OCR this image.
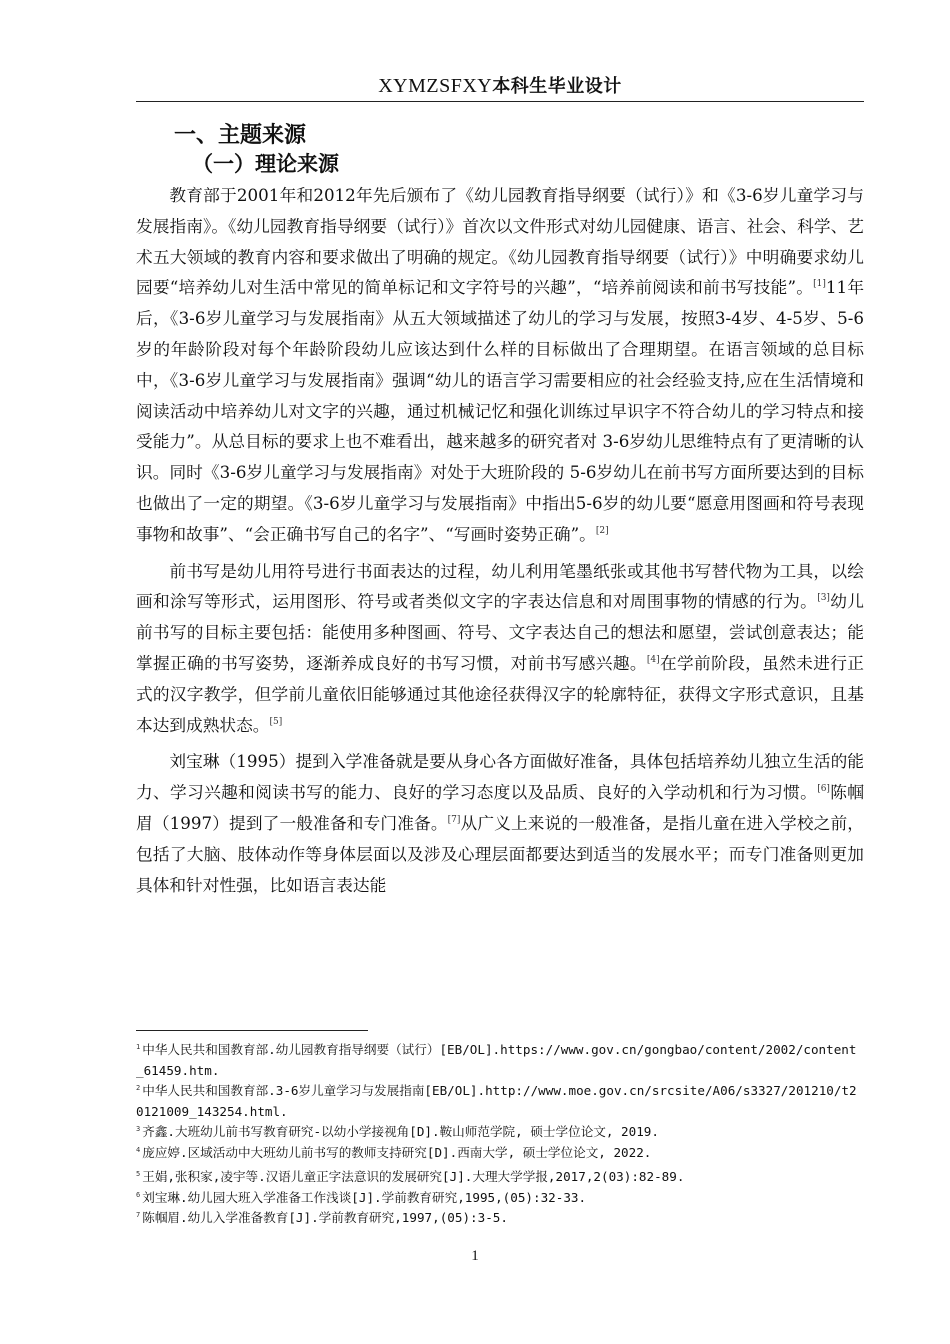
XYMZSFXY本科生毕业设计
一、主题来源
（一）理论来源

教育部于2001年和2012年先后颁布了《幼儿园教育指导纲要（试行）》和《3-6岁儿童学习与发展指南》。《幼儿园教育指导纲要（试行）》首次以文件形式对幼儿园健康、语言、社会、科学、艺术五大领域的教育内容和要求做出了明确的规定。《幼儿园教育指导纲要（试行）》中明确要求幼儿园要“培养幼儿对生活中常见的简单标记和文字符号的兴趣”，“培养前阅读和前书写技能”。[1]11年后，《3-6岁儿童学习与发展指南》从五大领域描述了幼儿的学习与发展，按照3-4岁、4-5岁、5-6岁的年龄阶段对每个年龄阶段幼儿应该达到什么样的目标做出了合理期望。在语言领域的总目标中，《3-6岁儿童学习与发展指南》强调“幼儿的语言学习需要相应的社会经验支持,应在生活情境和阅读活动中培养幼儿对文字的兴趣，通过机械记忆和强化训练过早识字不符合幼儿的学习特点和接受能力”。从总目标的要求上也不难看出，越来越多的研究者对 3-6岁幼儿思维特点有了更清晰的认识。同时《3-6岁儿童学习与发展指南》对处于大班阶段的 5-6岁幼儿在前书写方面所要达到的目标也做出了一定的期望。《3-6岁儿童学习与发展指南》中指出5-6岁的幼儿要“愿意用图画和符号表现事物和故事”、“会正确书写自己的名字”、“写画时姿势正确”。[2]

前书写是幼儿用符号进行书面表达的过程，幼儿利用笔墨纸张或其他书写替代物为工具，以绘画和涂写等形式，运用图形、符号或者类似文字的字表达信息和对周围事物的情感的行为。[3]幼儿前书写的目标主要包括：能使用多种图画、符号、文字表达自己的想法和愿望，尝试创意表达；能掌握正确的书写姿势，逐渐养成良好的书写习惯，对前书写感兴趣。[4]在学前阶段，虽然未进行正式的汉字教学，但学前儿童依旧能够通过其他途径获得汉字的轮廓特征，获得文字形式意识，且基本达到成熟状态。[5]

刘宝琳（1995）提到入学准备就是要从身心各方面做好准备，具体包括培养幼儿独立生活的能力、学习兴趣和阅读书写的能力、良好的学习态度以及品质、良好的入学动机和行为习惯。[6]陈帼眉（1997）提到了一般准备和专门准备。[7]从广义上来说的一般准备，是指儿童在进入学校之前，包括了大脑、肢体动作等身体层面以及涉及心理层面都要达到适当的发展水平；而专门准备则更加具体和针对性强，比如语言表达能

$^1$ 中华人民共和国教育部.幼儿园教育指导纲要（试行）[EB/OL].https://www.gov.cn/gongbao/content/2002/content_61459.htm.

$^2$ 中华人民共和国教育部.3-6岁儿童学习与发展指南[EB/OL].http://www.moe.gov.cn/srcsite/A06/s3327/201210/t20121009_143254.html.

$^3$ 齐鑫.大班幼儿前书写教育研究-以幼小学接视角[D].鞍山师范学院, 硕士学位论文, 2019.

$^4$ 庞应婷.区域活动中大班幼儿前书写的教师支持研究[D].西南大学, 硕士学位论文, 2022.

$^5$ 王娟,张积家,凌宇等.汉语儿童正字法意识的发展研究[J].大理大学学报,2017,2(03):82-89.

$^6$ 刘宝琳.幼儿园大班入学准备工作浅谈[J].学前教育研究,1995,(05):32-33.

$^7$ 陈帼眉.幼儿入学准备教育[J].学前教育研究,1997,(05):3-5.

1
